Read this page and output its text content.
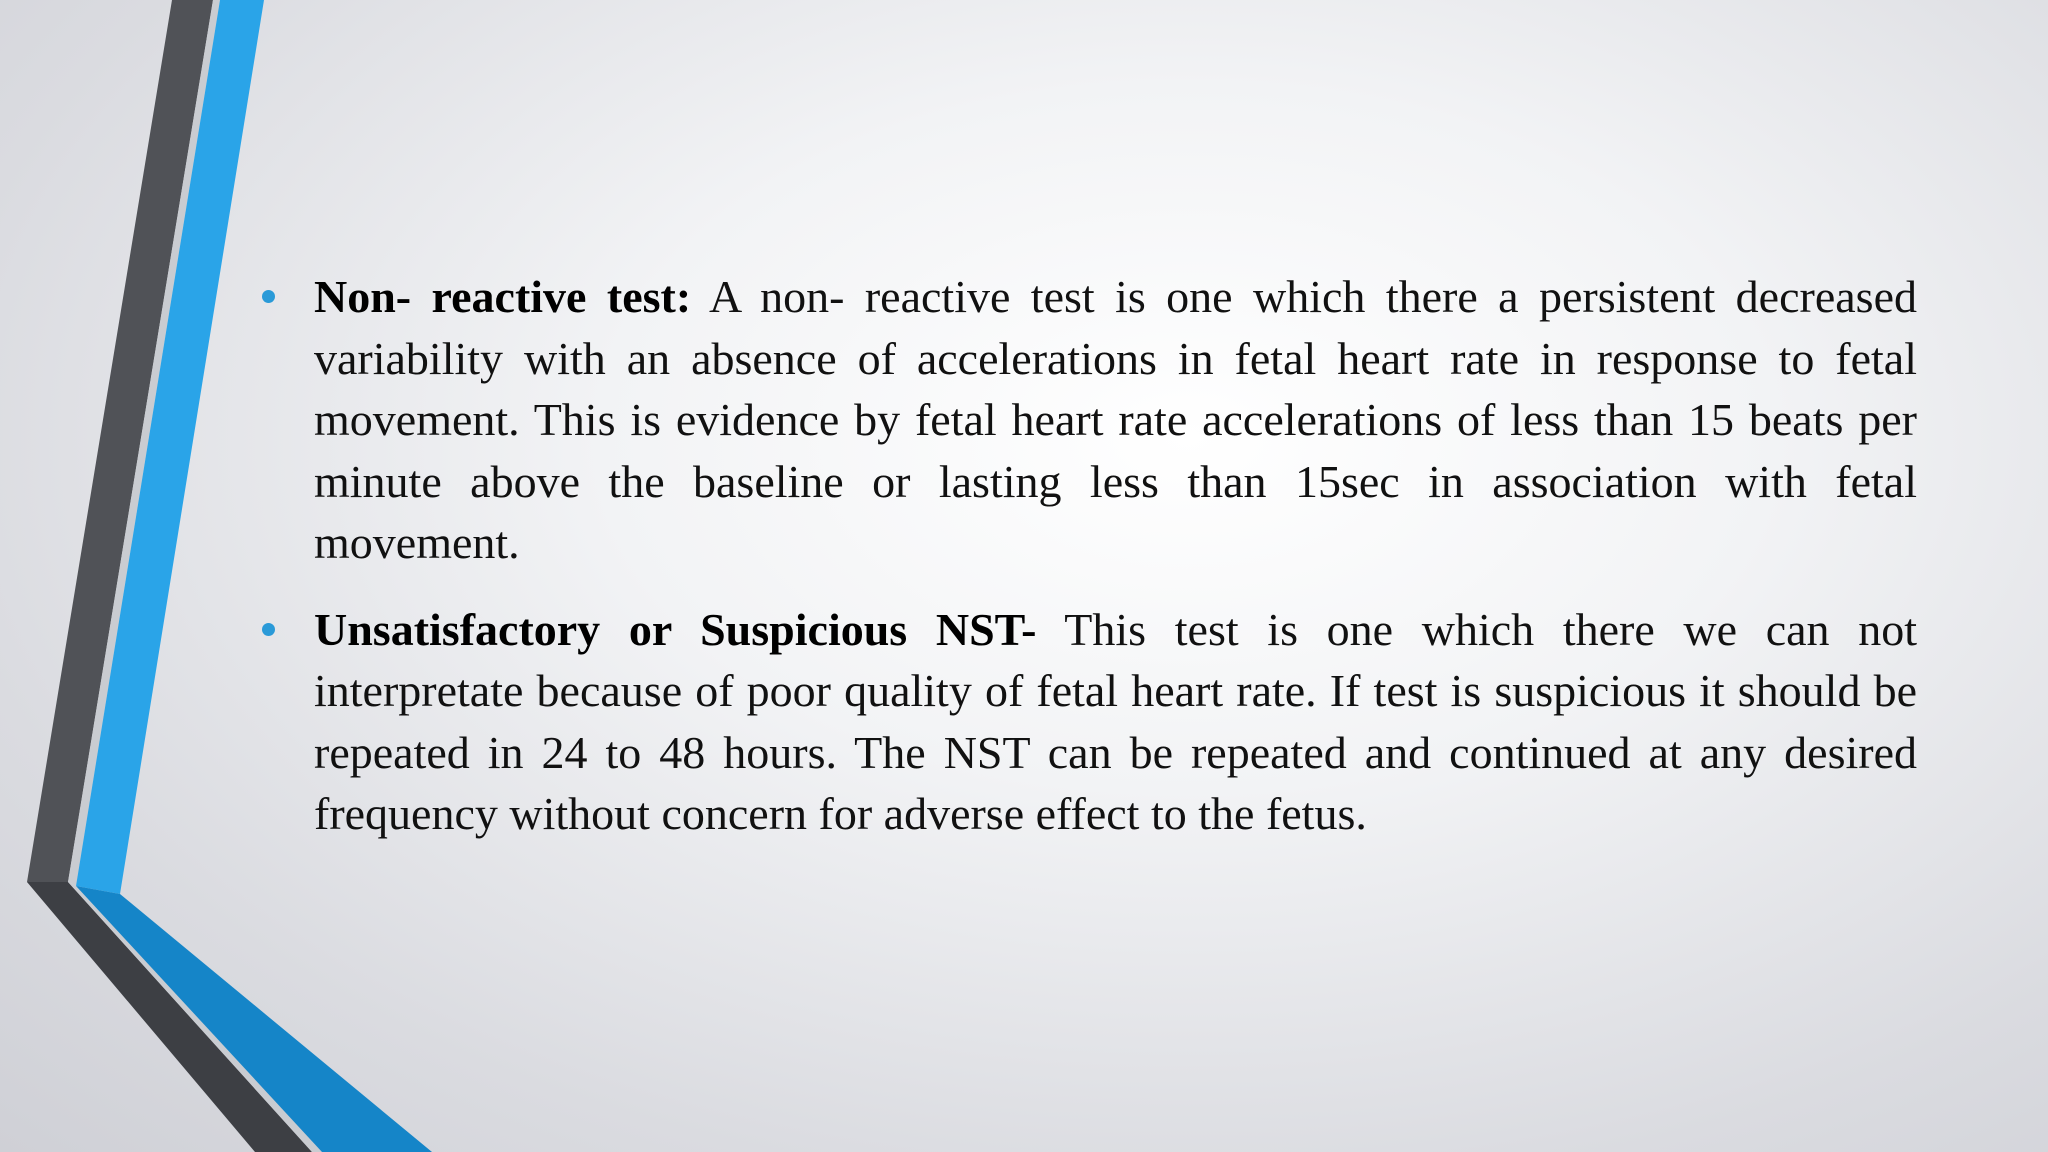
Non- reactive test: A non- reactive test is one which there a persistent decreased variability with an absence of accelerations in fetal heart rate in response to fetal movement. This is evidence by fetal heart rate accelerations of less than 15 beats per minute above the baseline or lasting less than 15sec in association with fetal movement.

Unsatisfactory or Suspicious NST- This test is one which there we can not interpretate because of poor quality of fetal heart rate. If test is suspicious it should be repeated in 24 to 48 hours. The NST can be repeated and continued at any desired frequency without concern for adverse effect to the fetus.
